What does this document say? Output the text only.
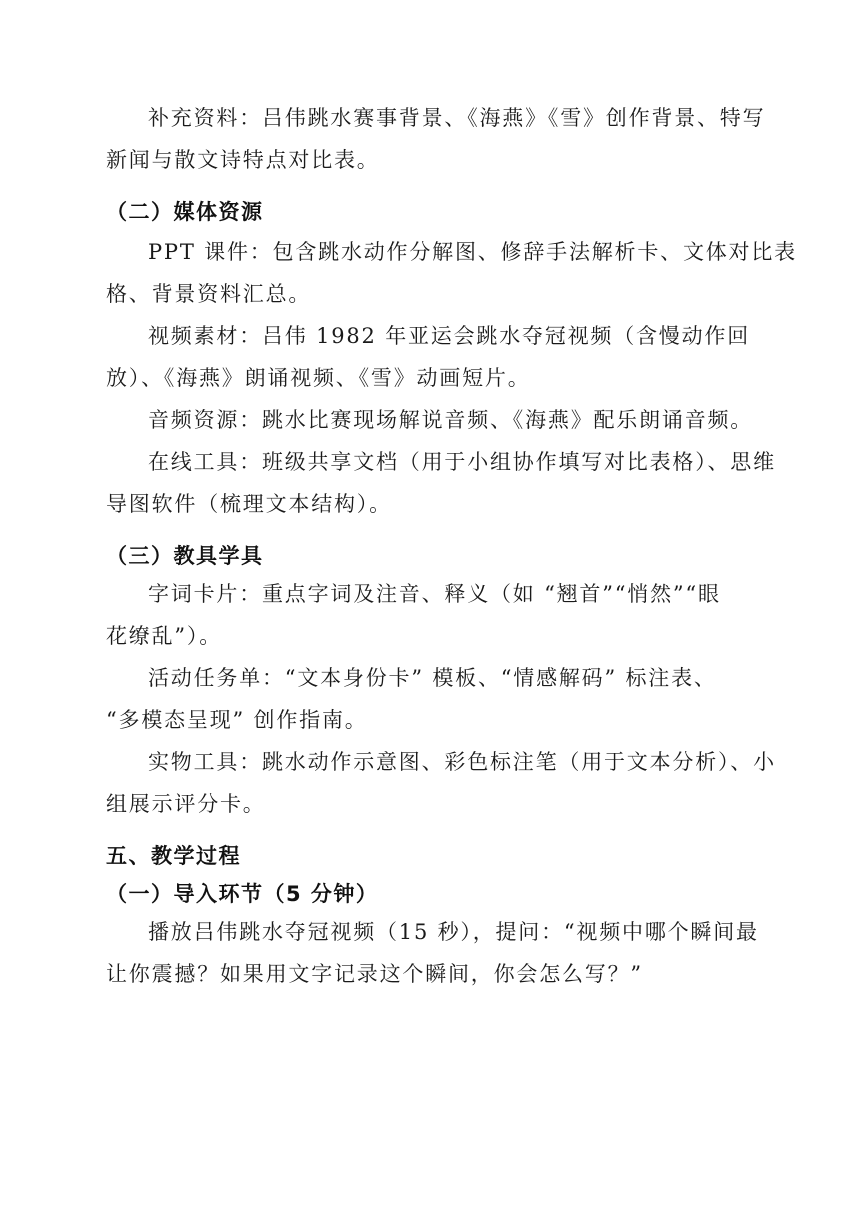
补充资料：吕伟跳水赛事背景、《海燕》《雪》创作背景、特写
新闻与散文诗特点对比表。
（二）媒体资源
PPT 课件：包含跳水动作分解图、修辞手法解析卡、文体对比表
格、背景资料汇总。
视频素材：吕伟 1982 年亚运会跳水夺冠视频（含慢动作回
放）、《海燕》朗诵视频、《雪》动画短片。
音频资源：跳水比赛现场解说音频、《海燕》配乐朗诵音频。
在线工具：班级共享文档（用于小组协作填写对比表格）、思维
导图软件（梳理文本结构）。
（三）教具学具
字词卡片：重点字词及注音、释义（如 “翘首”“悄然”“眼
花缭乱”）。
活动任务单：“文本身份卡” 模板、“情感解码” 标注表、
“多模态呈现” 创作指南。
实物工具：跳水动作示意图、彩色标注笔（用于文本分析）、小
组展示评分卡。
五、教学过程
（一）导入环节（5 分钟）
播放吕伟跳水夺冠视频（15 秒），提问：“视频中哪个瞬间最
让你震撼？如果用文字记录这个瞬间，你会怎么写？”
